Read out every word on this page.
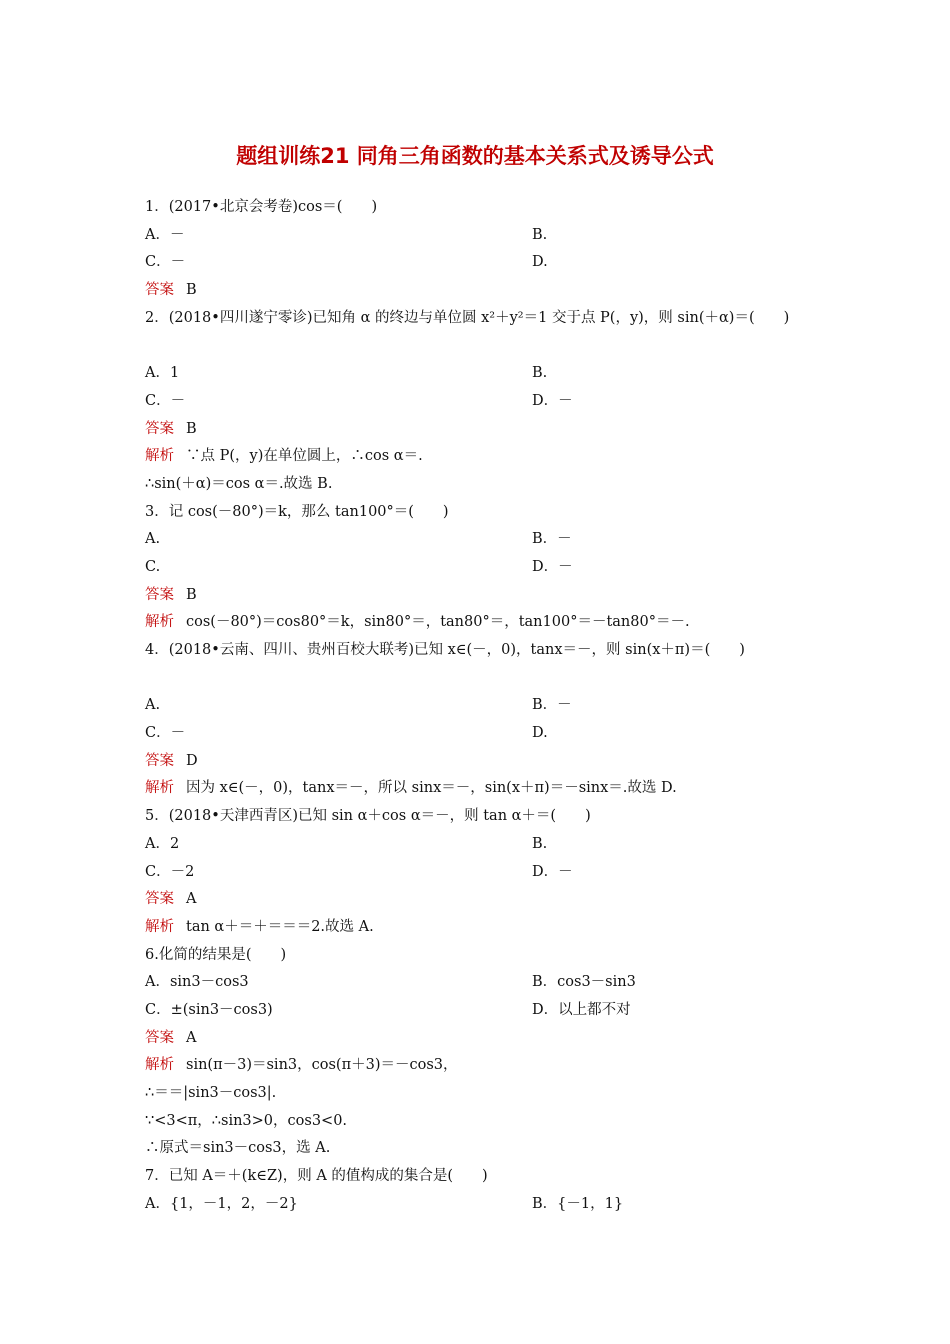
题组训练21 同角三角函数的基本关系式及诱导公式
1．(2017•北京会考卷)cos＝(　　)
A．－	B.
C．－	D.
答案 B
2．(2018•四川遂宁零诊)已知角 α 的终边与单位圆 x²＋y²＝1 交于点 P(，y)，则 sin(＋α)＝(　　)
A．1	B.
C．－	D．－
答案 B
解析 ∵点 P(，y)在单位圆上，∴cos α＝.
∴sin(＋α)＝cos α＝.故选 B.
3．记 cos(－80°)＝k，那么 tan100°＝(　　)
A.	B．－
C.	D．－
答案 B
解析 cos(－80°)＝cos80°＝k，sin80°＝，tan80°＝，tan100°＝－tan80°＝－.
4．(2018•云南、四川、贵州百校大联考)已知 x∈(－，0)，tanx＝－，则 sin(x＋π)＝(　　)
A.	B．－
C．－	D.
答案 D
解析 因为 x∈(－，0)，tanx＝－，所以 sinx＝－，sin(x＋π)＝－sinx＝.故选 D.
5．(2018•天津西青区)已知 sin α＋cos α＝－，则 tan α＋＝(　　)
A．2	B.
C．－2	D．－
答案 A
解析 tan α＋＝＋＝＝＝2.故选 A.
6.化简的结果是(　　)
A．sin3－cos3	B．cos3－sin3
C．±(sin3－cos3)	D．以上都不对
答案 A
解析 sin(π－3)＝sin3，cos(π＋3)＝－cos3，
∴＝＝|sin3－cos3|.
∵<3<π，∴sin3>0，cos3<0.
∴原式＝sin3－cos3，选 A.
7．已知 A＝＋(k∈Z)，则 A 的值构成的集合是(　　)
A．{1，－1，2，－2}	B．{－1，1}
